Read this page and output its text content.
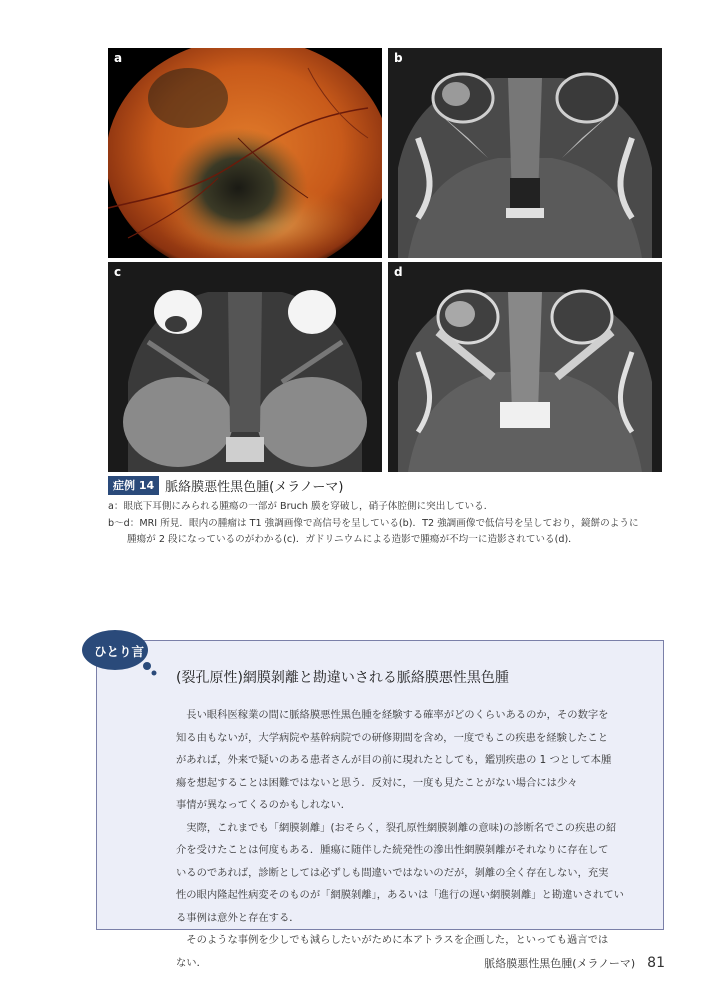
a	b
c	d
症例 14 脈絡膜悪性黒色腫(メラノーマ)
a：眼底下耳側にみられる腫瘍の一部が Bruch 膜を穿破し，硝子体腔側に突出している．
b～d：MRI 所見．眼内の腫瘤は T1 強調画像で高信号を呈している(b)．T2 強調画像で低信号を呈しており，鏡餅のように
腫瘍が 2 段になっているのがわかる(c)．ガドリニウムによる造影で腫瘍が不均一に造影されている(d)．
ひとり言
(裂孔原性)網膜剝離と勘違いされる脈絡膜悪性黒色腫

長い眼科医稼業の間に脈絡膜悪性黒色腫を経験する確率がどのくらいあるのか，その数字を

知る由もないが，大学病院や基幹病院での研修期間を含め，一度でもこの疾患を経験したこと

があれば，外来で疑いのある患者さんが目の前に現れたとしても，鑑別疾患の 1 つとして本腫

瘍を想起することは困難ではないと思う．反対に，一度も見たことがない場合には少々

事情が異なってくるのかもしれない．

実際，これまでも「網膜剝離」(おそらく，裂孔原性網膜剝離の意味)の診断名でこの疾患の紹

介を受けたことは何度もある．腫瘍に随伴した続発性の滲出性網膜剝離がそれなりに存在して

いるのであれば，診断としては必ずしも間違いではないのだが，剝離の全く存在しない，充実

性の眼内隆起性病変そのものが「網膜剝離」，あるいは「進行の遅い網膜剝離」と勘違いされてい

る事例は意外と存在する．

そのような事例を少しでも減らしたいがために本アトラスを企画した，といっても過言では

ない．	脈絡膜悪性黒色腫(メラノーマ) 81
